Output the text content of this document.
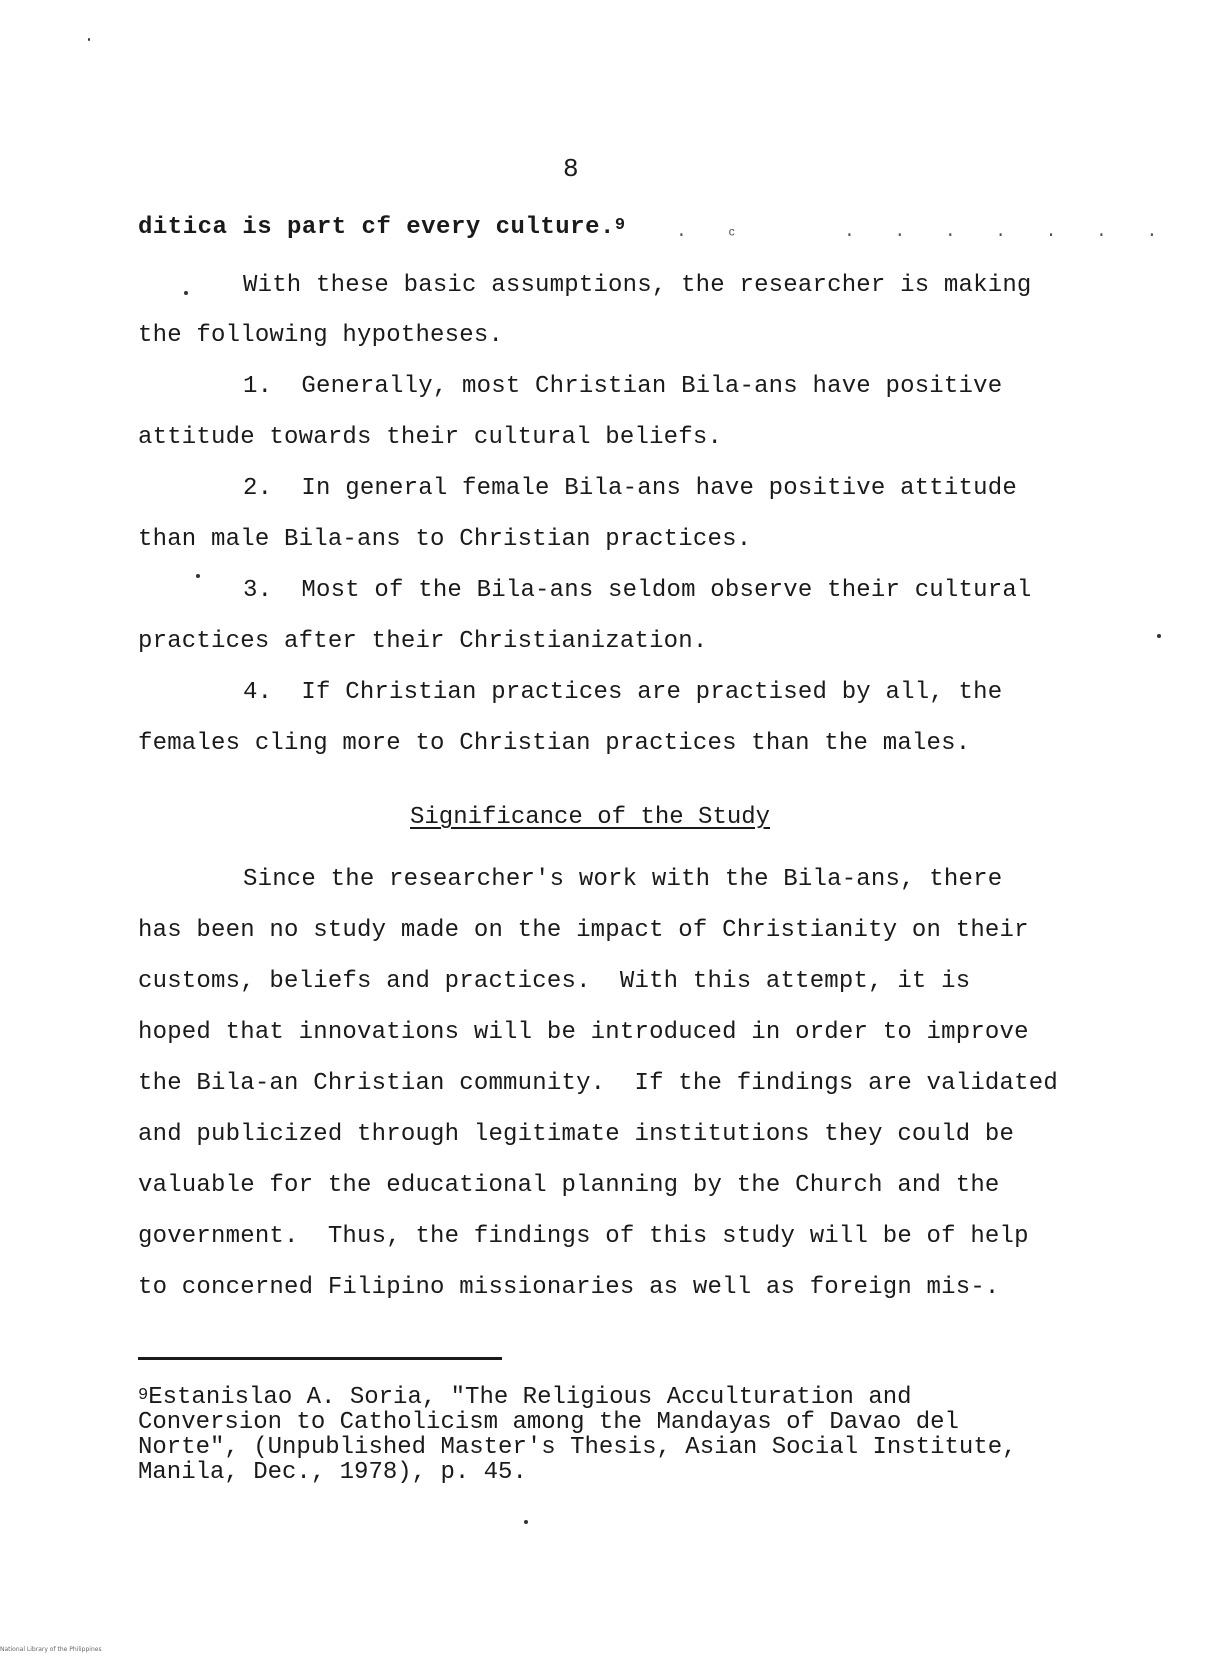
8
ditica is part cf every culture.$^9$
·  ᶜ      ·  ·  ·  ·  ·  ·  ·
With these basic assumptions, the researcher is making
the following hypotheses.
1.  Generally, most Christian Bila-ans have positive
attitude towards their cultural beliefs.
2.  In general female Bila-ans have positive attitude
than male Bila-ans to Christian practices.
3.  Most of the Bila-ans seldom observe their cultural
practices after their Christianization.
4.  If Christian practices are practised by all, the
females cling more to Christian practices than the males.
Significance of the Study
Since the researcher's work with the Bila-ans, there
has been no study made on the impact of Christianity on their
customs, beliefs and practices.  With this attempt, it is
hoped that innovations will be introduced in order to improve
the Bila-an Christian community.  If the findings are validated
and publicized through legitimate institutions they could be
valuable for the educational planning by the Church and the
government.  Thus, the findings of this study will be of help
to concerned Filipino missionaries as well as foreign mis-.
$^9$Estanislao A. Soria, "The Religious Acculturation and
Conversion to Catholicism among the Mandayas of Davao del
Norte", (Unpublished Master's Thesis, Asian Social Institute,
Manila, Dec., 1978), p. 45.
National Library of the Philippines
